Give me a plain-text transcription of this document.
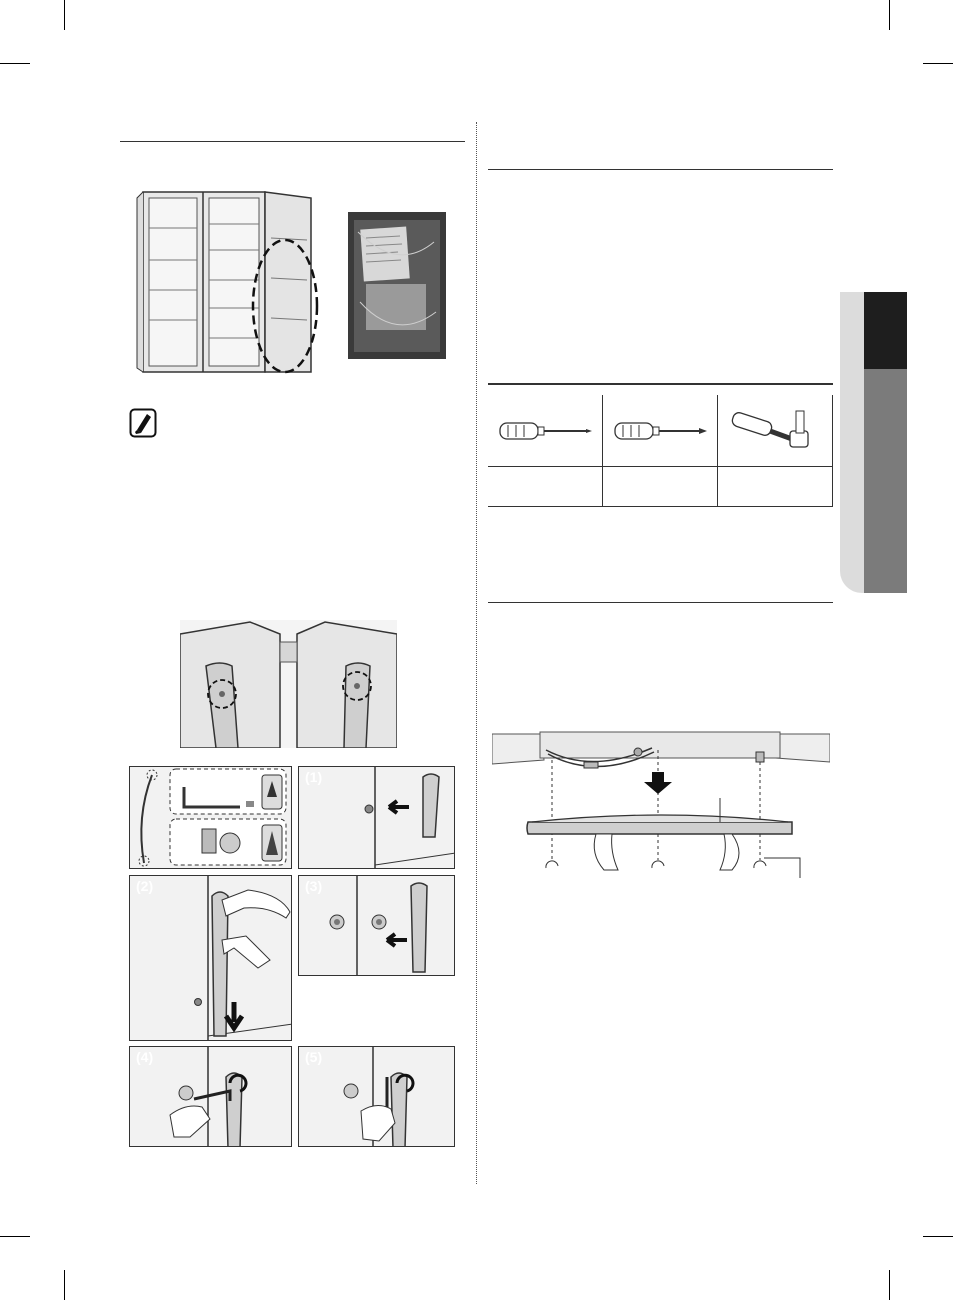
(1)
(2)	(3)
(4)	(5)
